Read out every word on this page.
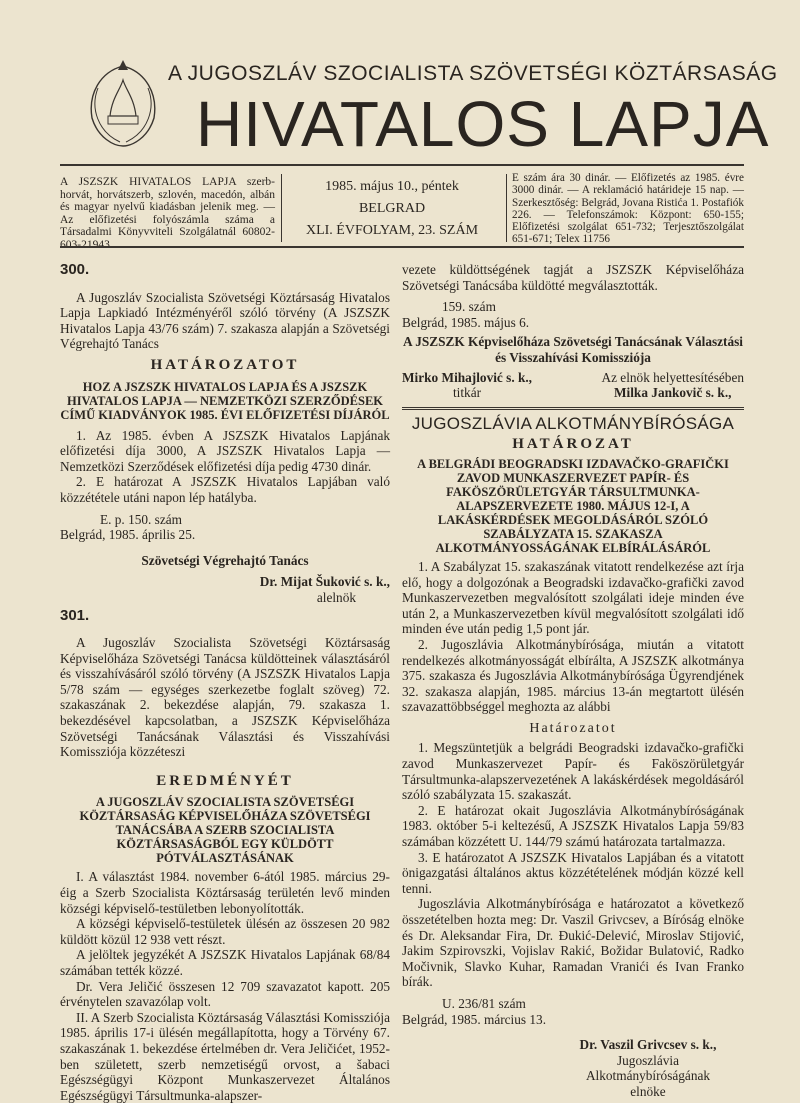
A JUGOSZLÁV SZOCIALISTA SZÖVETSÉGI KÖZTÁRSASÁG
HIVATALOS LAPJA
A JSZSZK HIVATALOS LAPJA szerb-horvát, horvátszerb, szlovén, macedón, albán és magyar nyelvű kiadásban jelenik meg. — Az előfizetési folyószámla száma a Társadalmi Könyvviteli Szolgálatnál 60802-603-21943
1985. május 10., péntek
BELGRAD
XLI. ÉVFOLYAM, 23. SZÁM
E szám ára 30 dinár. — Előfizetés az 1985. évre 3000 dinár. — A reklamáció határideje 15 nap. — Szerkesztőség: Belgrád, Jovana Ristića 1. Postafiók 226. — Telefonszámok: Központ: 650-155; Előfizetési szolgálat 651-732; Terjesztőszolgálat 651-671; Telex 11756

300.

A Jugoszláv Szocialista Szövetségi Köztársaság Hivatalos Lapja Lapkiadó Intézményéről szóló törvény (A JSZSZK Hivatalos Lapja 43/76 szám) 7. szakasza alapján a Szövetségi Végrehajtó Tanács

HATÁROZATOT

HOZ A JSZSZK HIVATALOS LAPJA ÉS A JSZSZK HIVATALOS LAPJA — NEMZETKÖZI SZERZŐDÉSEK CÍMŰ KIADVÁNYOK 1985. ÉVI ELŐFIZETÉSI DÍJÁRÓL

1. Az 1985. évben A JSZSZK Hivatalos Lapjának előfizetési díja 3000, A JSZSZK Hivatalos Lapja — Nemzetközi Szerződések előfizetési díja pedig 4730 dinár.

2. E határozat A JSZSZK Hivatalos Lapjában való közzététele utáni napon lép hatályba.

E. p. 150. szám

Belgrád, 1985. április 25.

Szövetségi Végrehajtó Tanács

Dr. Mijat Šuković s. k.,

alelnök

301.

A Jugoszláv Szocialista Szövetségi Köztársaság Képviselőháza Szövetségi Tanácsa küldötteinek választásáról és visszahívásáról szóló törvény (A JSZSZK Hivatalos Lapja 5/78 szám — egységes szerkezetbe foglalt szöveg) 72. szakaszának 2. bekezdése alapján, 79. szakasza 1. bekezdésével kapcsolatban, a JSZSZK Képviselőháza Szövetségi Tanácsának Választási és Visszahívási Komissziója közzéteszi

EREDMÉNYÉT

A JUGOSZLÁV SZOCIALISTA SZÖVETSÉGI KÖZTÁRSASÁG KÉPVISELŐHÁZA SZÖVETSÉGI TANÁCSÁBA A SZERB SZOCIALISTA KÖZTÁRSASÁGBÓL EGY KÜLDÖTT PÓTVÁLASZTÁSÁNAK

I. A választást 1984. november 6-ától 1985. március 29-éig a Szerb Szocialista Köztársaság területén levő minden községi képviselő-testületben lebonyolították.

A községi képviselő-testületek ülésén az összesen 20 982 küldött közül 12 938 vett részt.

A jelöltek jegyzékét A JSZSZK Hivatalos Lapjának 68/84 számában tették közzé.

Dr. Vera Jeličić összesen 12 709 szavazatot kapott. 205 érvénytelen szavazólap volt.

II. A Szerb Szocialista Köztársaság Választási Komissziója 1985. április 17-i ülésén megállapította, hogy a Törvény 67. szakaszának 1. bekezdése értelmében dr. Vera Jeličićet, 1952-ben született, szerb nemzetiségű orvost, a šabaci Egészségügyi Központ Munkaszervezet Általános Egészségügyi Társultmunka-alapszer-

vezete küldöttségének tagját a JSZSZK Képviselőháza Szövetségi Tanácsába küldötté megválasztották.

159. szám

Belgrád, 1985. május 6.

A JSZSZK Képviselőháza Szövetségi Tanácsának Választási és Visszahívási Komissziója

Mirko Mihajlović s. k.,

titkár

Az elnök helyettesítésében

Milka Jankovič s. k.,

JUGOSZLÁVIA ALKOTMÁNYBÍRÓSÁGA

HATÁROZAT

A BELGRÁDI BEOGRADSKI IZDAVAČKO-GRAFIČKI ZAVOD MUNKASZERVEZET PAPÍR- ÉS FAKÖSZÖRÜLETGYÁR TÁRSULTMUNKA-ALAPSZERVEZETE 1980. MÁJUS 12-I, A LAKÁSKÉRDÉSEK MEGOLDÁSÁRÓL SZÓLÓ SZABÁLYZATA 15. SZAKASZA ALKOTMÁNYOSSÁGÁNAK ELBÍRÁLÁSÁRÓL

1. A Szabályzat 15. szakaszának vitatott rendelkezése azt írja elő, hogy a dolgozónak a Beogradski izdavačko-grafički zavod Munkaszervezetben megvalósított szolgálati ideje minden éve után 2, a Munkaszervezetben kívül megvalósított szolgálati idő minden éve után pedig 1,5 pont jár.

2. Jugoszlávia Alkotmánybírósága, miután a vitatott rendelkezés alkotmányosságát elbírálta, A JSZSZK alkotmánya 375. szakasza és Jugoszlávia Alkotmánybírósága Ügyrendjének 32. szakasza alapján, 1985. március 13-án megtartott ülésén szavazattöbbséggel meghozta az alábbi

Határozatot

1. Megszüntetjük a belgrádi Beogradski izdavačko-grafički zavod Munkaszervezet Papír- és Faköszörületgyár Társultmunka-alapszervezetének A lakáskérdések megoldásáról szóló szabályzata 15. szakaszát.

2. E határozat okait Jugoszlávia Alkotmánybíróságának 1983. október 5-i keltezésű, A JSZSZK Hivatalos Lapja 59/83 számában közzétett U. 144/79 számú határozata tartalmazza.

3. E határozatot A JSZSZK Hivatalos Lapjában és a vitatott önigazgatási általános aktus közzétételének módján közzé kell tenni.

Jugoszlávia Alkotmánybírósága e határozatot a következő összetételben hozta meg: Dr. Vaszil Grivcsev, a Bíróság elnöke és Dr. Aleksandar Fira, Dr. Đukić-Delević, Miroslav Stijović, Jakim Szpirovszki, Vojislav Rakić, Božidar Bulatović, Radko Močivnik, Slavko Kuhar, Ramadan Vranići és Ivan Franko bírák.

U. 236/81 szám

Belgrád, 1985. március 13.

Dr. Vaszil Grivcsev s. k.,

Jugoszlávia

Alkotmánybíróságának

elnöke
